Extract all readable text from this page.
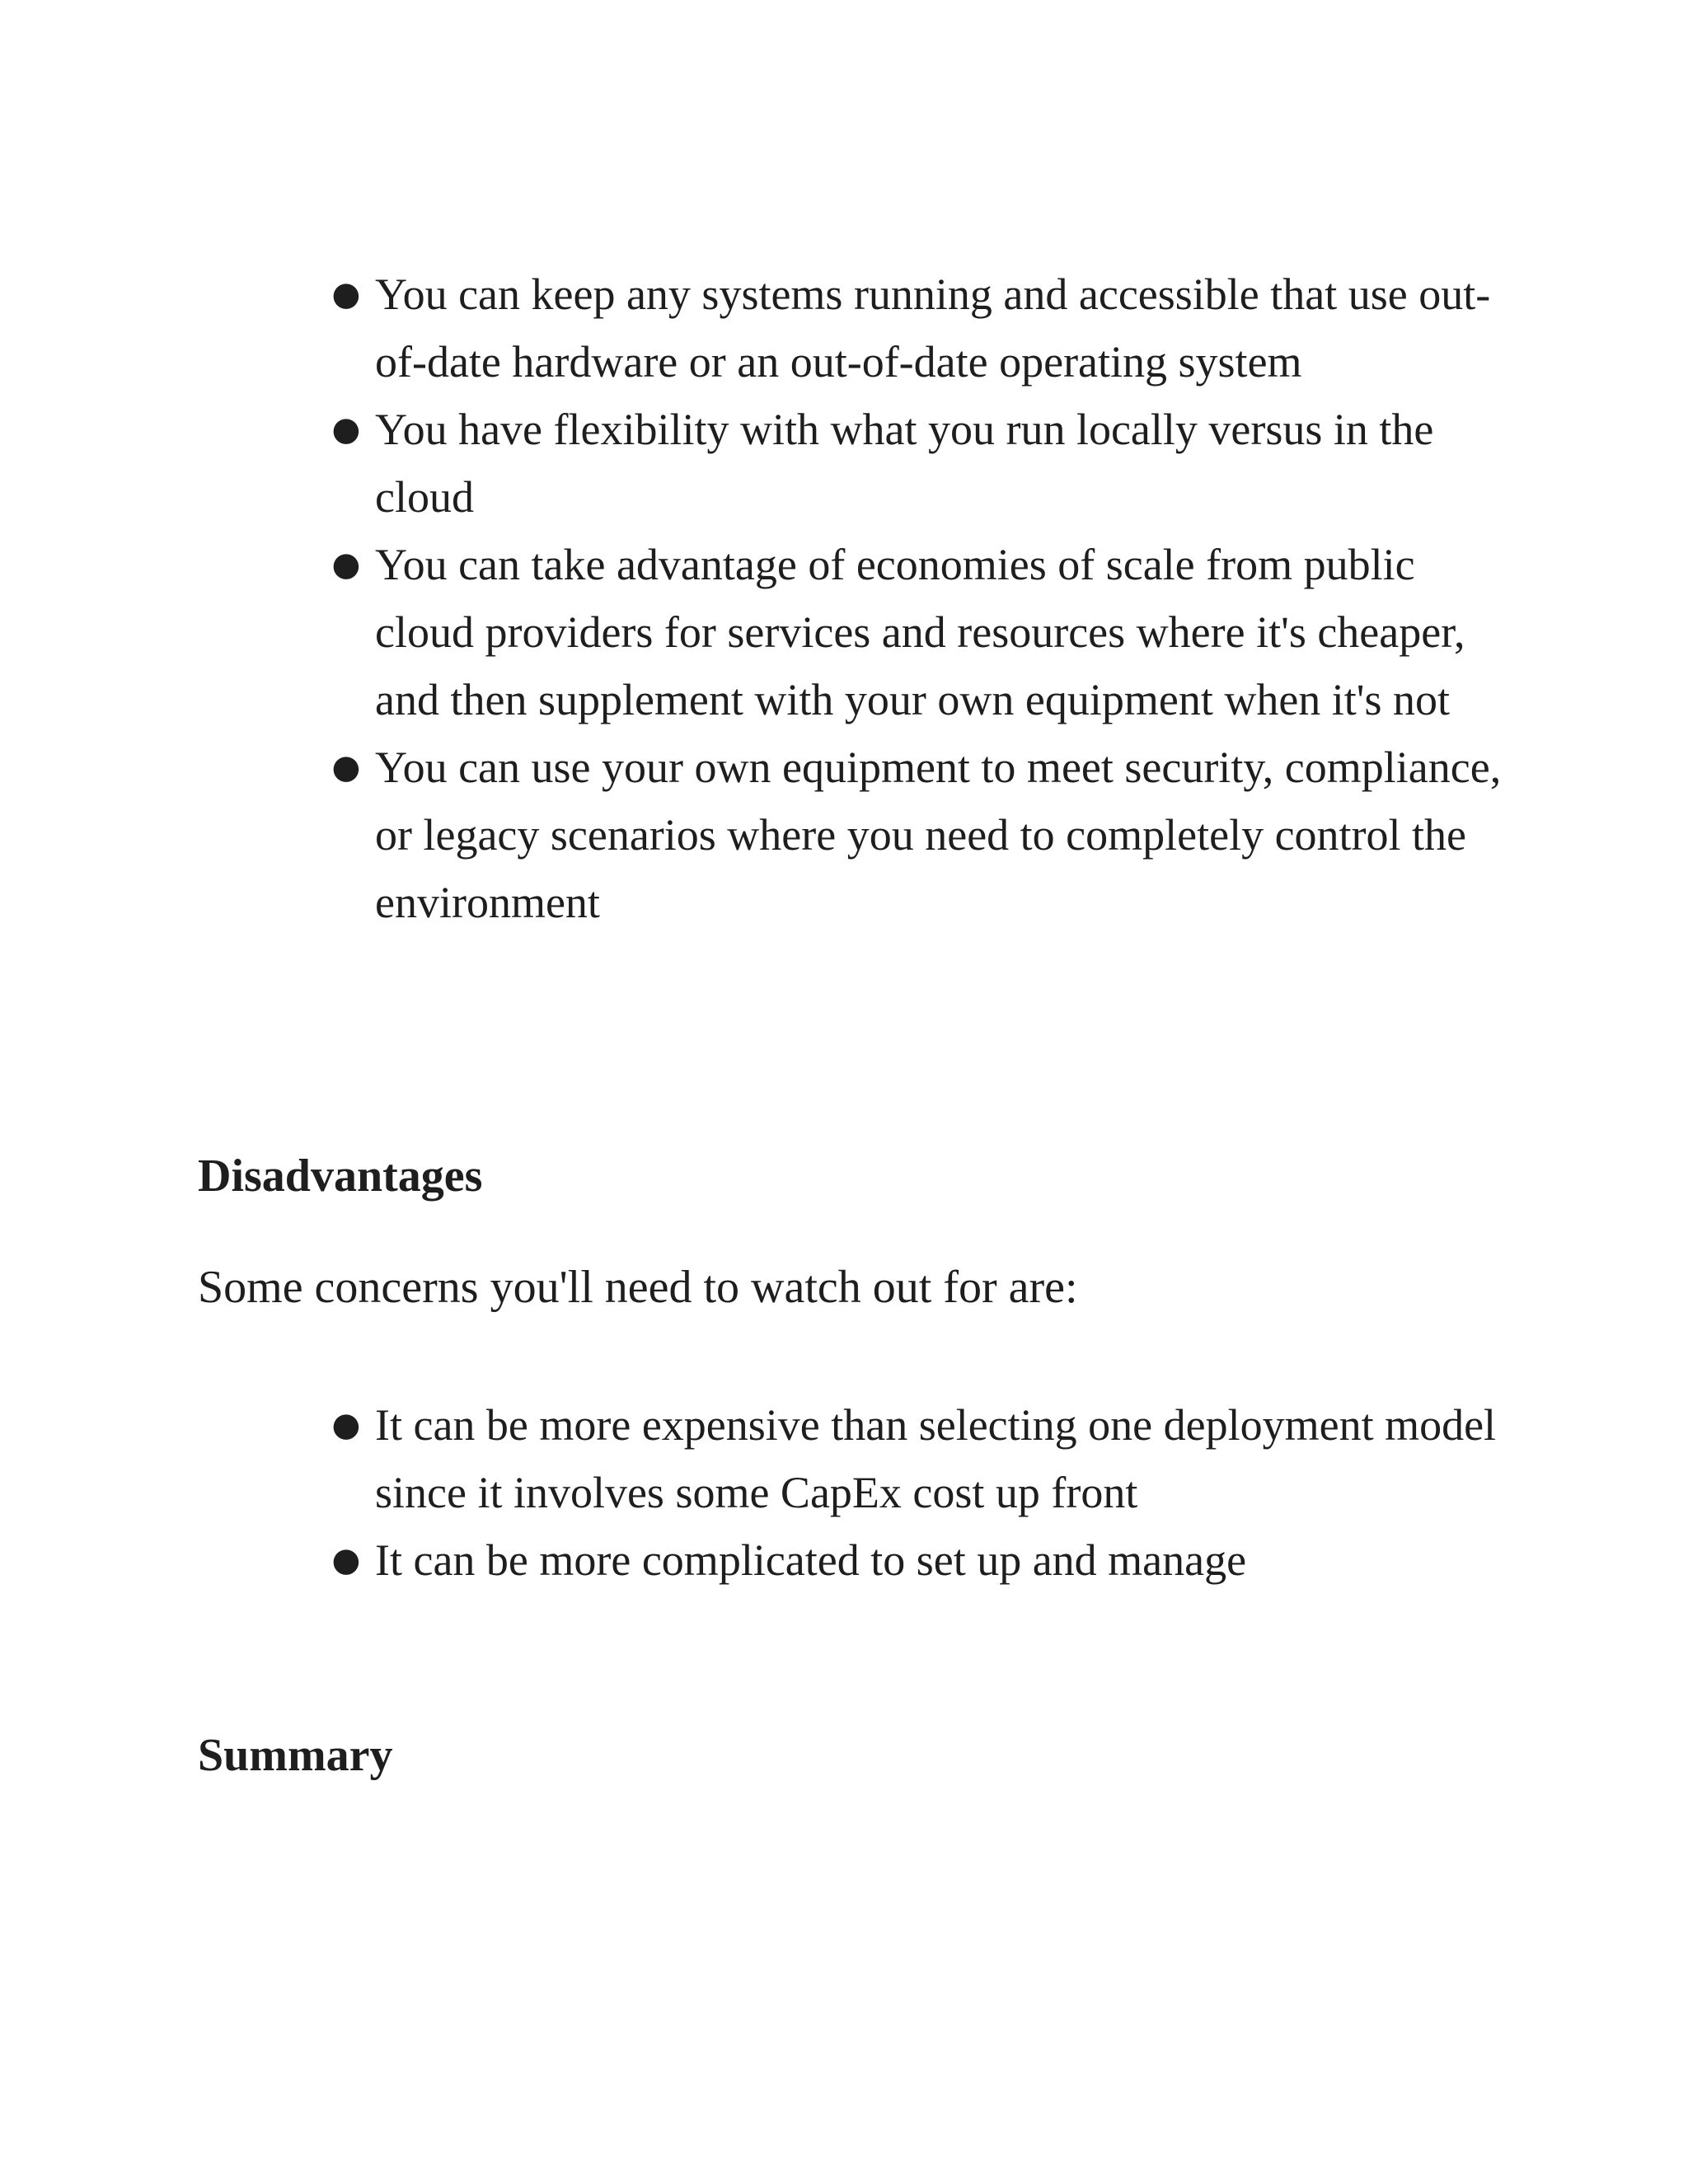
● You can keep any systems running and accessible that use out-of-date hardware or an out-of-date operating system
● You have flexibility with what you run locally versus in the cloud
● You can take advantage of economies of scale from public cloud providers for services and resources where it's cheaper, and then supplement with your own equipment when it's not
● You can use your own equipment to meet security, compliance, or legacy scenarios where you need to completely control the environment
Disadvantages

Some concerns you'll need to watch out for are:

● It can be more expensive than selecting one deployment model since it involves some CapEx cost up front
● It can be more complicated to set up and manage
Summary
